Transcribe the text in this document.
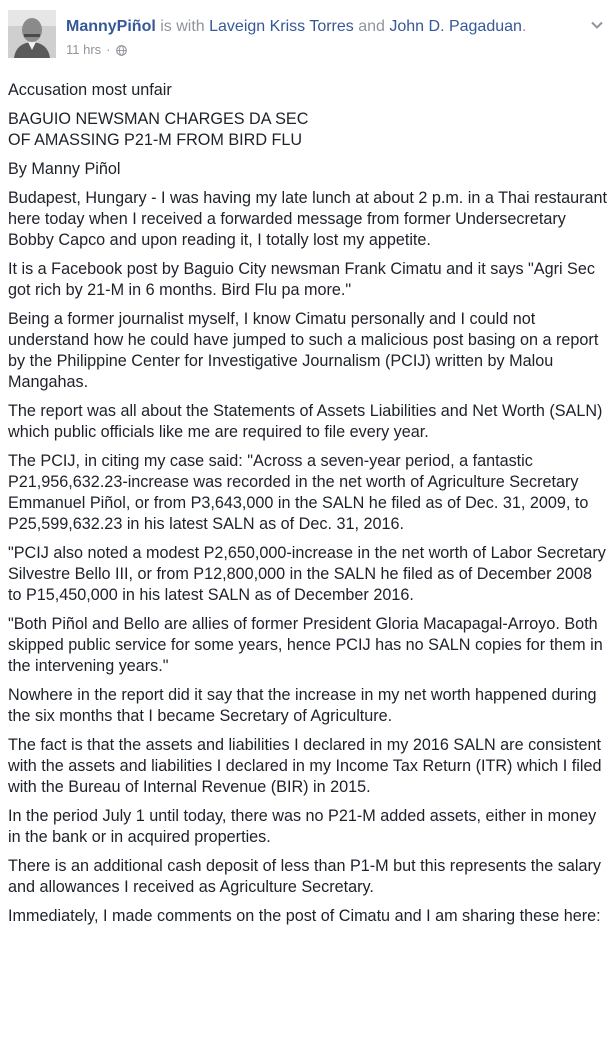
MannyPiñol is with Laveign Kriss Torres and John D. Pagaduan.
11 hrs ·

Accusation most unfair

BAGUIO NEWSMAN CHARGES DA SEC
OF AMASSING P21-M FROM BIRD FLU

By Manny Piñol

Budapest, Hungary - I was having my late lunch at about 2 p.m. in a Thai restaurant here today when I received a forwarded message from former Undersecretary Bobby Capco and upon reading it, I totally lost my appetite.

It is a Facebook post by Baguio City newsman Frank Cimatu and it says "Agri Sec got rich by 21-M in 6 months. Bird Flu pa more."

Being a former journalist myself, I know Cimatu personally and I could not understand how he could have jumped to such a malicious post basing on a report by the Philippine Center for Investigative Journalism (PCIJ) written by Malou Mangahas.

The report was all about the Statements of Assets Liabilities and Net Worth (SALN) which public officials like me are required to file every year.

The PCIJ, in citing my case said: "Across a seven-year period, a fantastic P21,956,632.23-increase was recorded in the net worth of Agriculture Secretary Emmanuel Piñol, or from P3,643,000 in the SALN he filed as of Dec. 31, 2009, to P25,599,632.23 in his latest SALN as of Dec. 31, 2016.

"PCIJ also noted a modest P2,650,000-increase in the net worth of Labor Secretary Silvestre Bello III, or from P12,800,000 in the SALN he filed as of December 2008 to P15,450,000 in his latest SALN as of December 2016.

"Both Piñol and Bello are allies of former President Gloria Macapagal-Arroyo. Both skipped public service for some years, hence PCIJ has no SALN copies for them in the intervening years."

Nowhere in the report did it say that the increase in my net worth happened during the six months that I became Secretary of Agriculture.

The fact is that the assets and liabilities I declared in my 2016 SALN are consistent with the assets and liabilities I declared in my Income Tax Return (ITR) which I filed with the Bureau of Internal Revenue (BIR) in 2015.

In the period July 1 until today, there was no P21-M added assets, either in money in the bank or in acquired properties.

There is an additional cash deposit of less than P1-M but this represents the salary and allowances I received as Agriculture Secretary.

Immediately, I made comments on the post of Cimatu and I am sharing these here:
